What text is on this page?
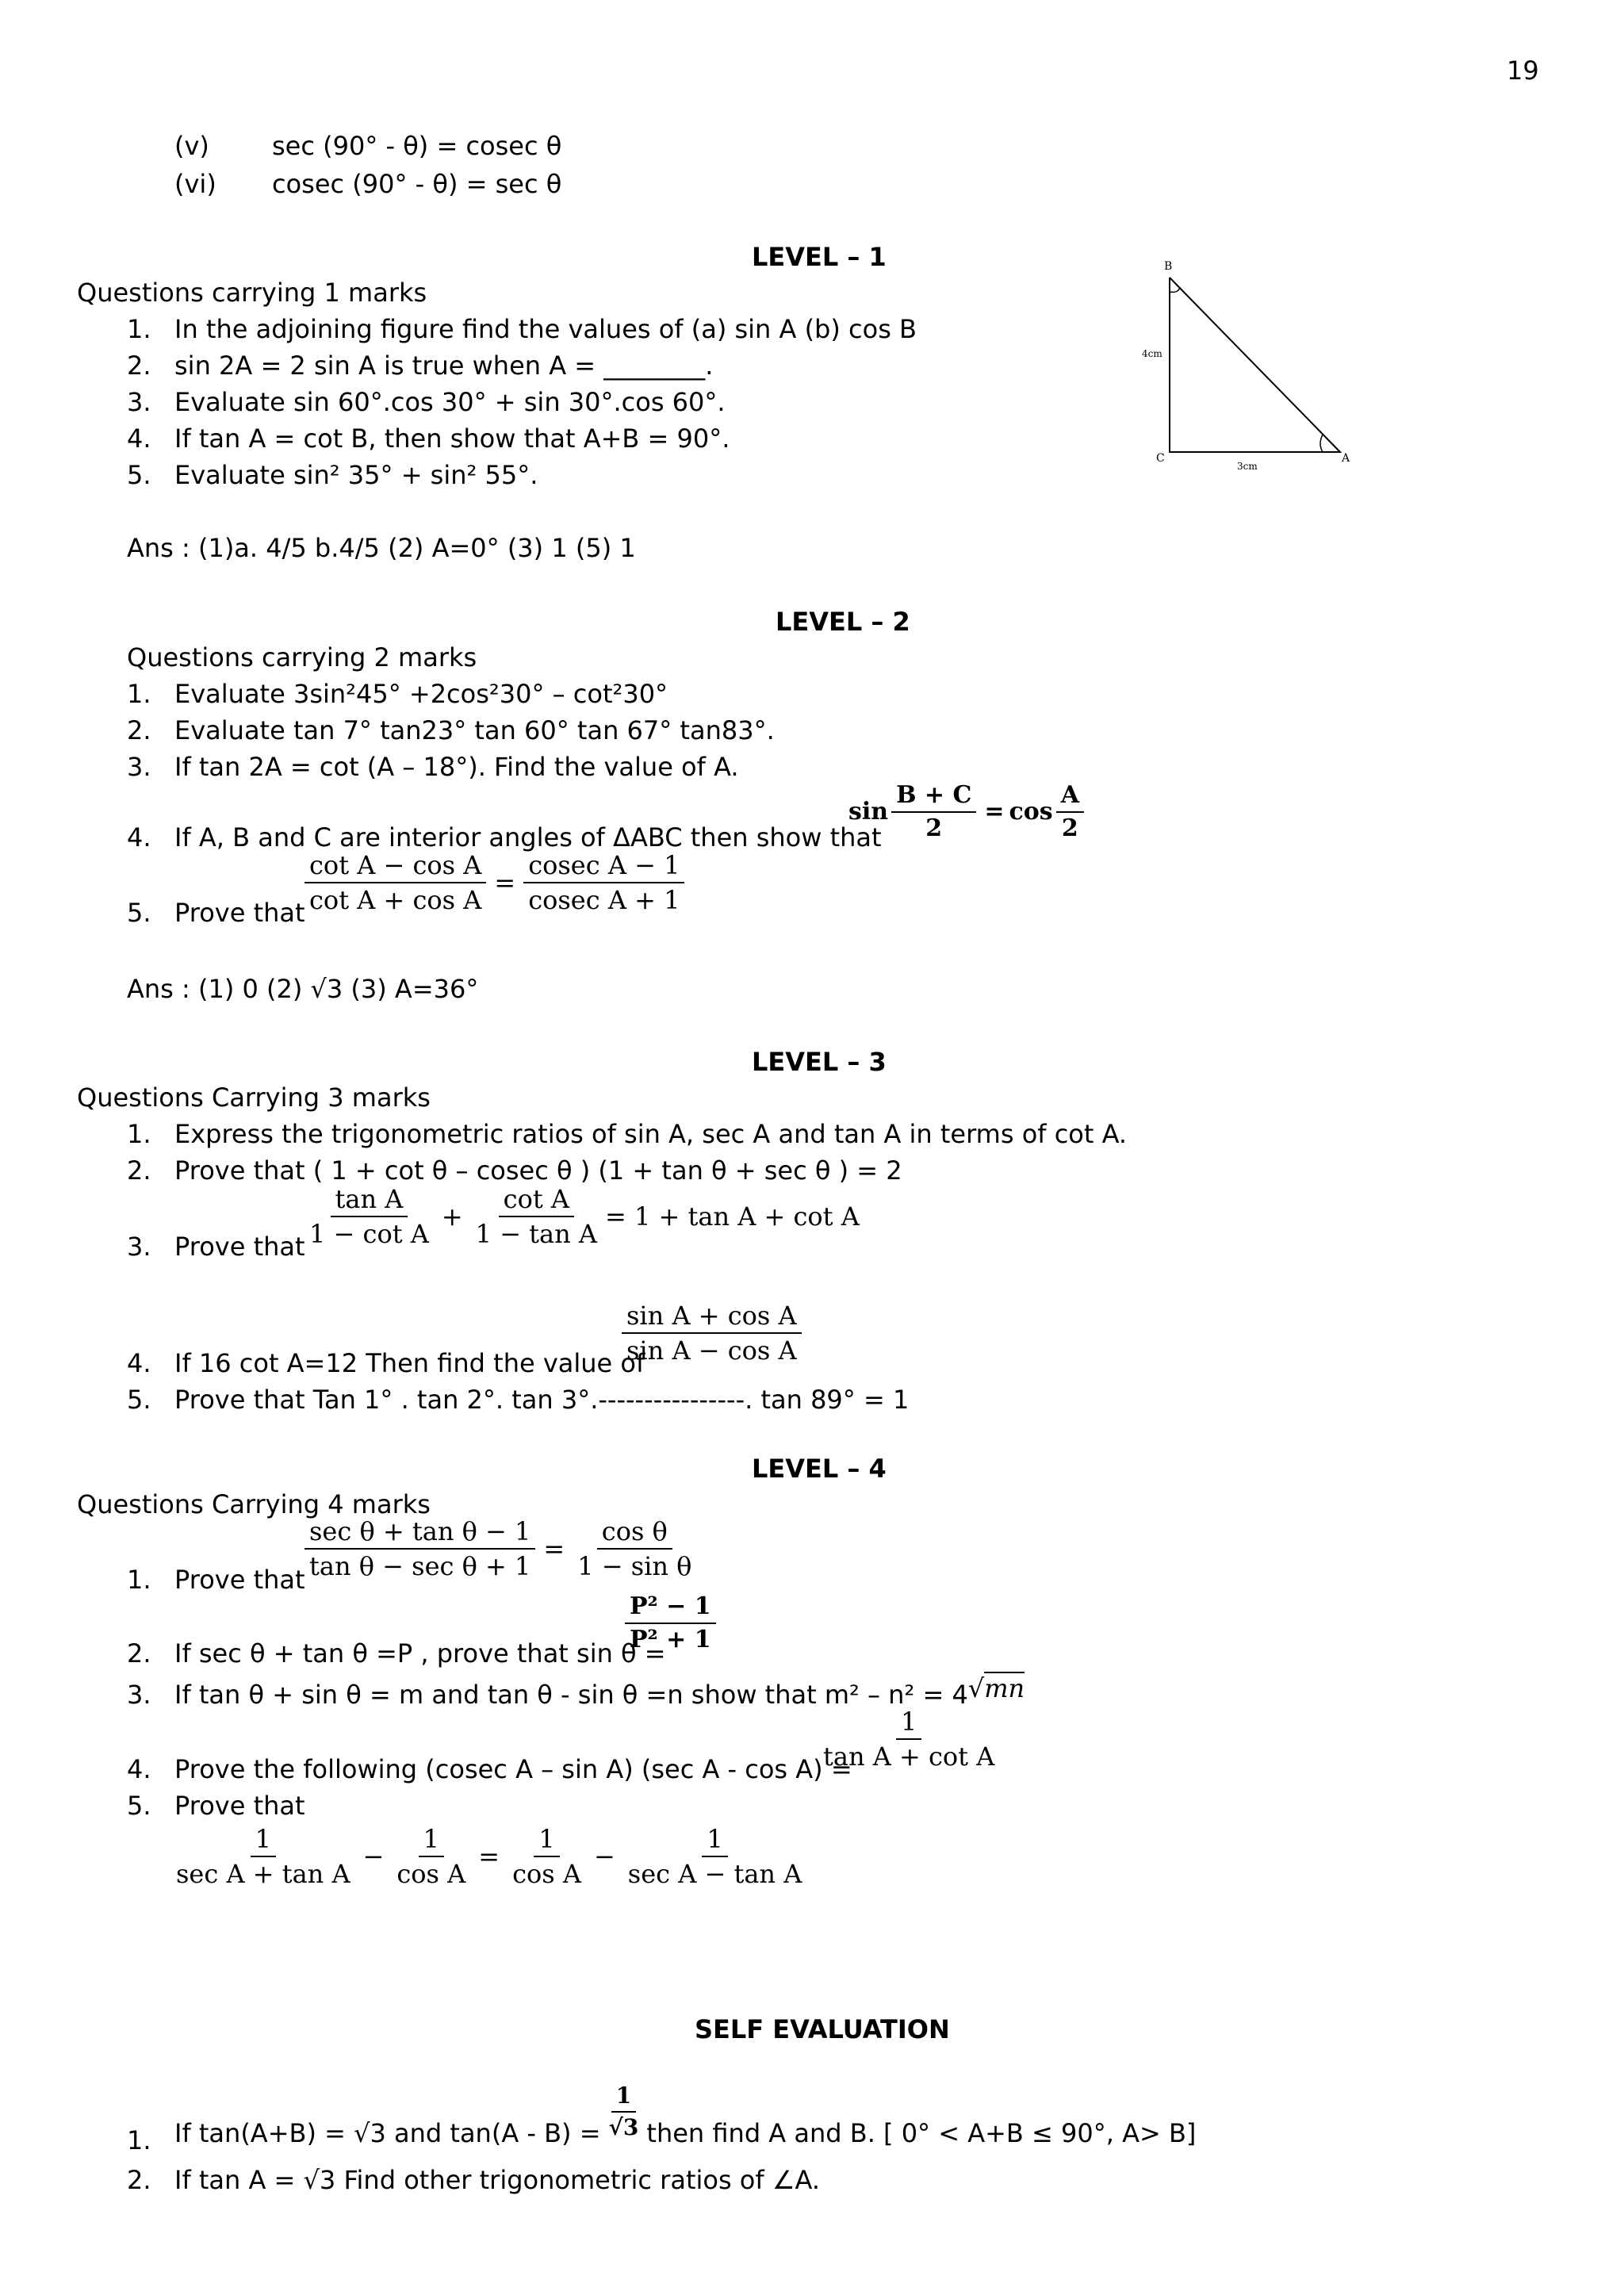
19
(v) sec (90° - θ) = cosec θ
(vi) cosec (90° - θ) = sec θ
LEVEL – 1
Questions carrying 1 marks
1. In the adjoining figure find the values of (a) sin A (b) cos B
2. sin 2A = 2 sin A is true when A = ________.
3. Evaluate sin 60°.cos 30° + sin 30°.cos 60°.
4. If tan A = cot B, then show that A+B = 90°.
5. Evaluate sin² 35° + sin² 55°.
Ans : (1)a. 4/5 b.4/5 (2) A=0° (3) 1 (5) 1
B
C	A
4cm
3cm
LEVEL – 2
Questions carrying 2 marks
1. Evaluate 3sin²45° +2cos²30° – cot²30°
2. Evaluate tan 7° tan23° tan 60° tan 67° tan83°.
3. If tan 2A = cot (A – 18°). Find the value of A.
4. If A, B and C are interior angles of ΔABC then show that
$\sin \frac{B + C}{2} = \cos \frac{A}{2}$
5. Prove that $\frac{\text{cot A − cos A}}{\text{cot A + cos A}} = \frac{\text{cosec A − 1}}{\text{cosec A + 1}}$
Ans : (1) 0 (2) √3 (3) A=36°
LEVEL – 3
Questions Carrying 3 marks
1. Express the trigonometric ratios of sin A, sec A and tan A in terms of cot A.
2. Prove that ( 1 + cot θ – cosec θ ) (1 + tan θ + sec θ ) = 2
3. Prove that $\frac{\text{tan A}}{\text{1 − cot A}} + \frac{\text{cot A}}{\text{1 − tan A}} = 1 + \tan A + \cot A$
4. If 16 cot A=12 Then find the value of
$\frac{\text{sin A + cos A}}{\text{sin A − cos A}}$
5. Prove that Tan 1° . tan 2°. tan 3°.----------------. tan 89° = 1
LEVEL – 4
Questions Carrying 4 marks
1. Prove that $\frac{\text{sec θ + tan θ − 1}}{\text{tan θ − sec θ + 1}} = \frac{\text{cos θ}}{\text{1 − sin θ}}$
2. If sec θ + tan θ =P , prove that sin θ =
$\frac{\text{P² − 1}}{\text{P² + 1}}$
3. If tan θ + sin θ = m and tan θ - sin θ =n show that m² – n² = 4 √mn
4. Prove the following (cosec A – sin A) (sec A - cos A) =
$\frac{1}{\text{tan A + cot A}}$
5. Prove that
$\frac{1}{\text{sec A + tan A}} - \frac{1}{\text{cos A}} = \frac{1}{\text{cos A}} - \frac{1}{\text{sec A − tan A}}$
SELF EVALUATION
1. If tan(A+B) = √3 and $\tan(A - B) = \frac{1}{√3}$ then find A and B. [ 0° < A+B ≤ 90°, A> B]
2. If tan A = √3 Find other trigonometric ratios of ∠A.
